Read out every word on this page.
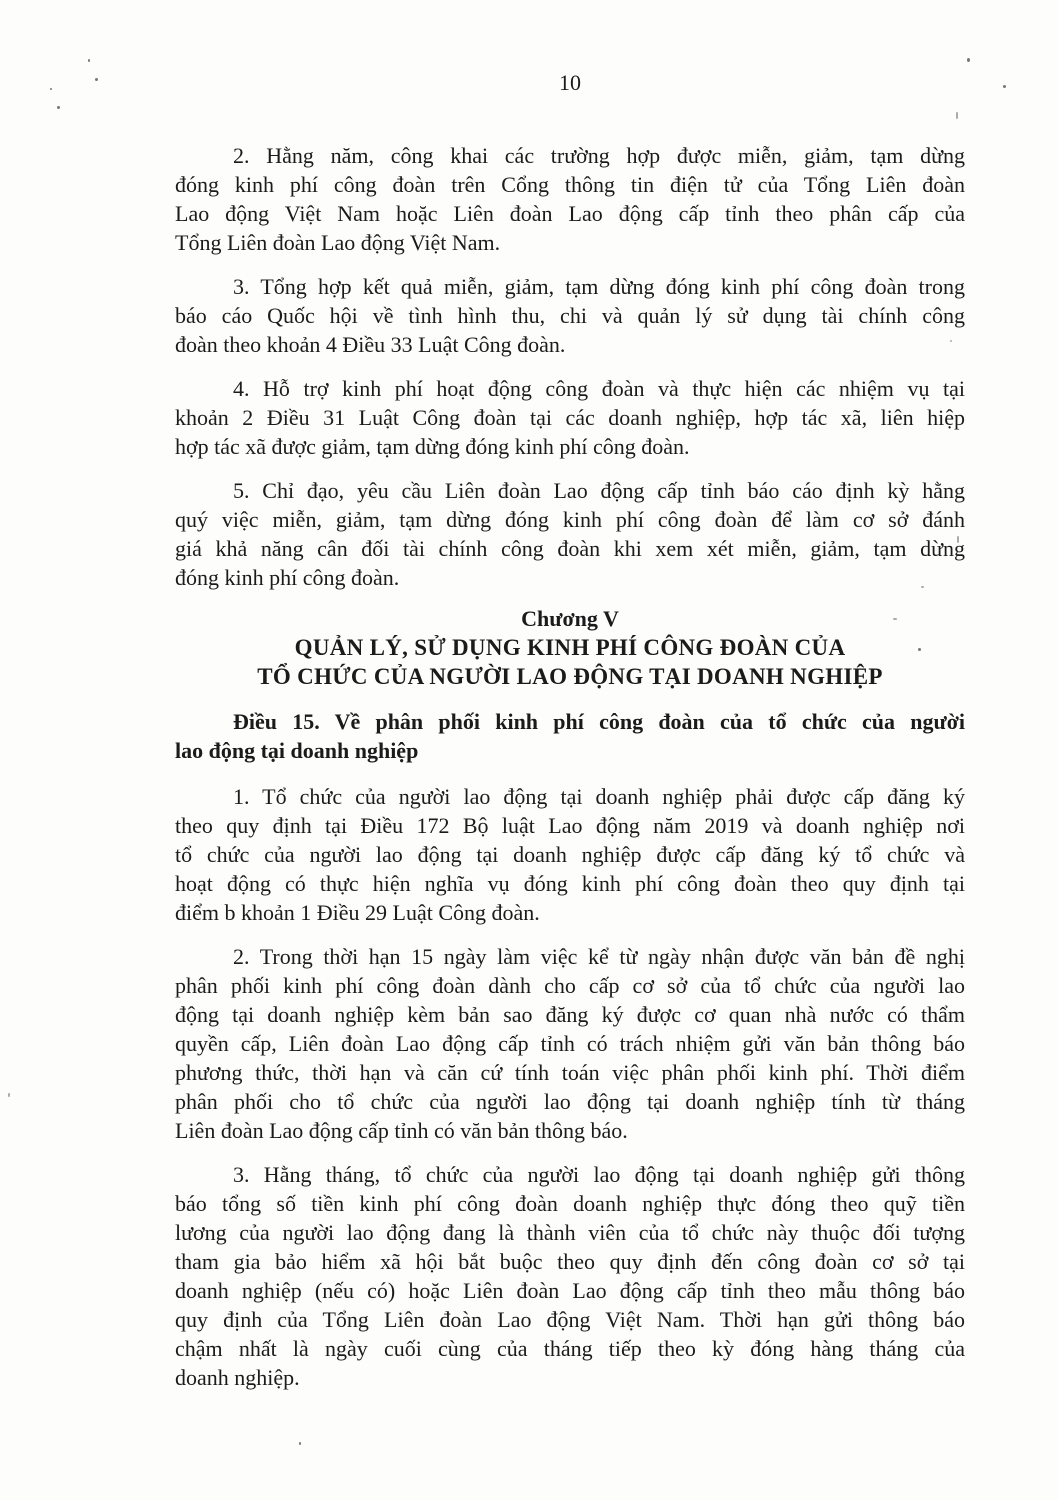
10

2. Hằng năm, công khai các trường hợp được miễn, giảm, tạm dừng
đóng kinh phí công đoàn trên Cổng thông tin điện tử của Tổng Liên đoàn
Lao động Việt Nam hoặc Liên đoàn Lao động cấp tỉnh theo phân cấp của
Tổng Liên đoàn Lao động Việt Nam.

3. Tổng hợp kết quả miễn, giảm, tạm dừng đóng kinh phí công đoàn trong
báo cáo Quốc hội về tình hình thu, chi và quản lý sử dụng tài chính công
đoàn theo khoản 4 Điều 33 Luật Công đoàn.

4. Hỗ trợ kinh phí hoạt động công đoàn và thực hiện các nhiệm vụ tại
khoản 2 Điều 31 Luật Công đoàn tại các doanh nghiệp, hợp tác xã, liên hiệp
hợp tác xã được giảm, tạm dừng đóng kinh phí công đoàn.

5. Chỉ đạo, yêu cầu Liên đoàn Lao động cấp tỉnh báo cáo định kỳ hằng
quý việc miễn, giảm, tạm dừng đóng kinh phí công đoàn để làm cơ sở đánh
giá khả năng cân đối tài chính công đoàn khi xem xét miễn, giảm, tạm dừng
đóng kinh phí công đoàn.

Chương V
QUẢN LÝ, SỬ DỤNG KINH PHÍ CÔNG ĐOÀN CỦA
TỔ CHỨC CỦA NGƯỜI LAO ĐỘNG TẠI DOANH NGHIỆP

Điều 15. Về phân phối kinh phí công đoàn của tổ chức của người
lao động tại doanh nghiệp

1. Tổ chức của người lao động tại doanh nghiệp phải được cấp đăng ký
theo quy định tại Điều 172 Bộ luật Lao động năm 2019 và doanh nghiệp nơi
tổ chức của người lao động tại doanh nghiệp được cấp đăng ký tổ chức và
hoạt động có thực hiện nghĩa vụ đóng kinh phí công đoàn theo quy định tại
điểm b khoản 1 Điều 29 Luật Công đoàn.

2. Trong thời hạn 15 ngày làm việc kể từ ngày nhận được văn bản đề nghị
phân phối kinh phí công đoàn dành cho cấp cơ sở của tổ chức của người lao
động tại doanh nghiệp kèm bản sao đăng ký được cơ quan nhà nước có thẩm
quyền cấp, Liên đoàn Lao động cấp tỉnh có trách nhiệm gửi văn bản thông báo
phương thức, thời hạn và căn cứ tính toán việc phân phối kinh phí. Thời điểm
phân phối cho tổ chức của người lao động tại doanh nghiệp tính từ tháng
Liên đoàn Lao động cấp tỉnh có văn bản thông báo.

3. Hằng tháng, tổ chức của người lao động tại doanh nghiệp gửi thông
báo tổng số tiền kinh phí công đoàn doanh nghiệp thực đóng theo quỹ tiền
lương của người lao động đang là thành viên của tổ chức này thuộc đối tượng
tham gia bảo hiểm xã hội bắt buộc theo quy định đến công đoàn cơ sở tại
doanh nghiệp (nếu có) hoặc Liên đoàn Lao động cấp tỉnh theo mẫu thông báo
quy định của Tổng Liên đoàn Lao động Việt Nam. Thời hạn gửi thông báo
chậm nhất là ngày cuối cùng của tháng tiếp theo kỳ đóng hàng tháng của
doanh nghiệp.
